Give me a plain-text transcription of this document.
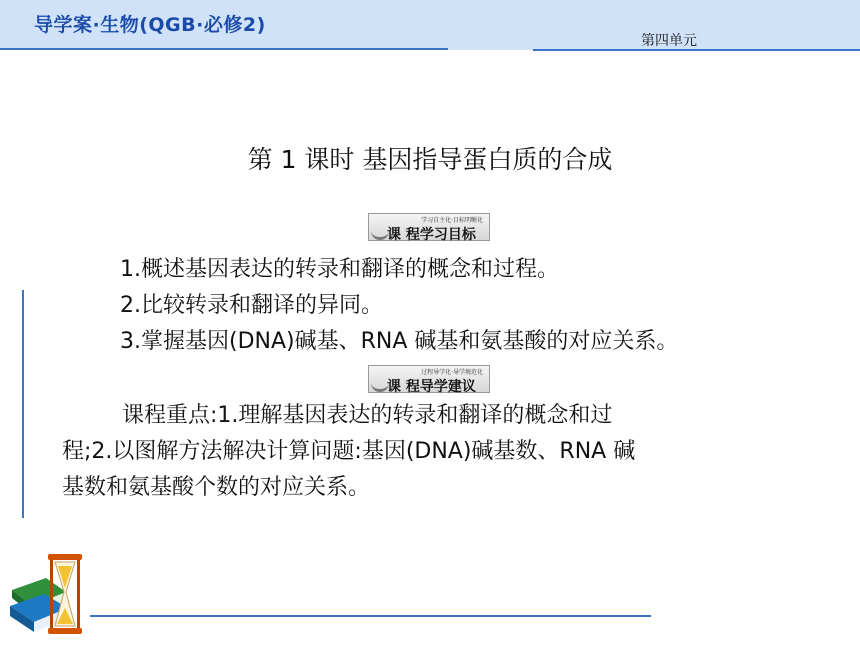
导学案·生物(QGB·必修2)
第四单元
第 1 课时 基因指导蛋白质的合成
学习自主化·目标明晰化
课 程学习目标
1.概述基因表达的转录和翻译的概念和过程。
2.比较转录和翻译的异同。
3.掌握基因(DNA)碱基、RNA 碱基和氨基酸的对应关系。
过程导学化·导学规范化
课 程导学建议
课程重点:1.理解基因表达的转录和翻译的概念和过
程;2.以图解方法解决计算问题:基因(DNA)碱基数、RNA 碱
基数和氨基酸个数的对应关系。
